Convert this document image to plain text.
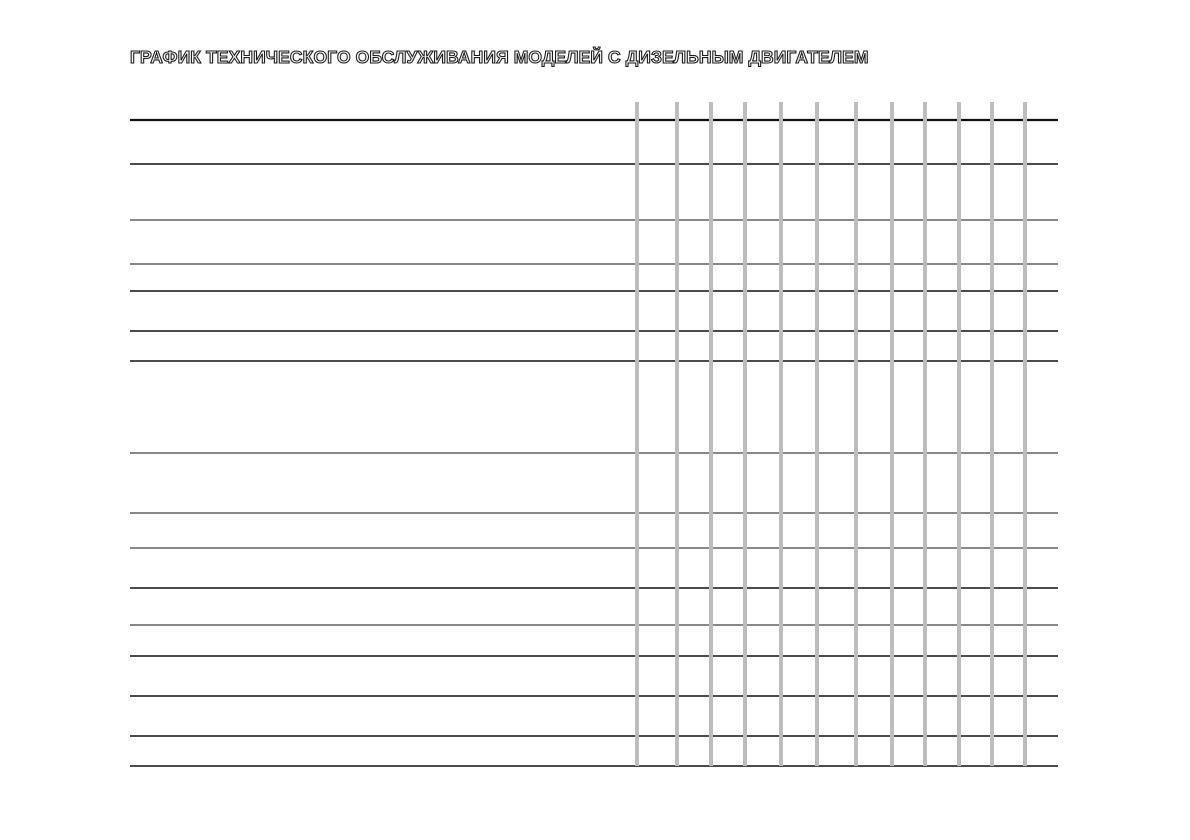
ГРАФИК ТЕХНИЧЕСКОГО ОБСЛУЖИВАНИЯ МОДЕЛЕЙ С ДИЗЕЛЬНЫМ ДВИГАТЕЛЕМ
